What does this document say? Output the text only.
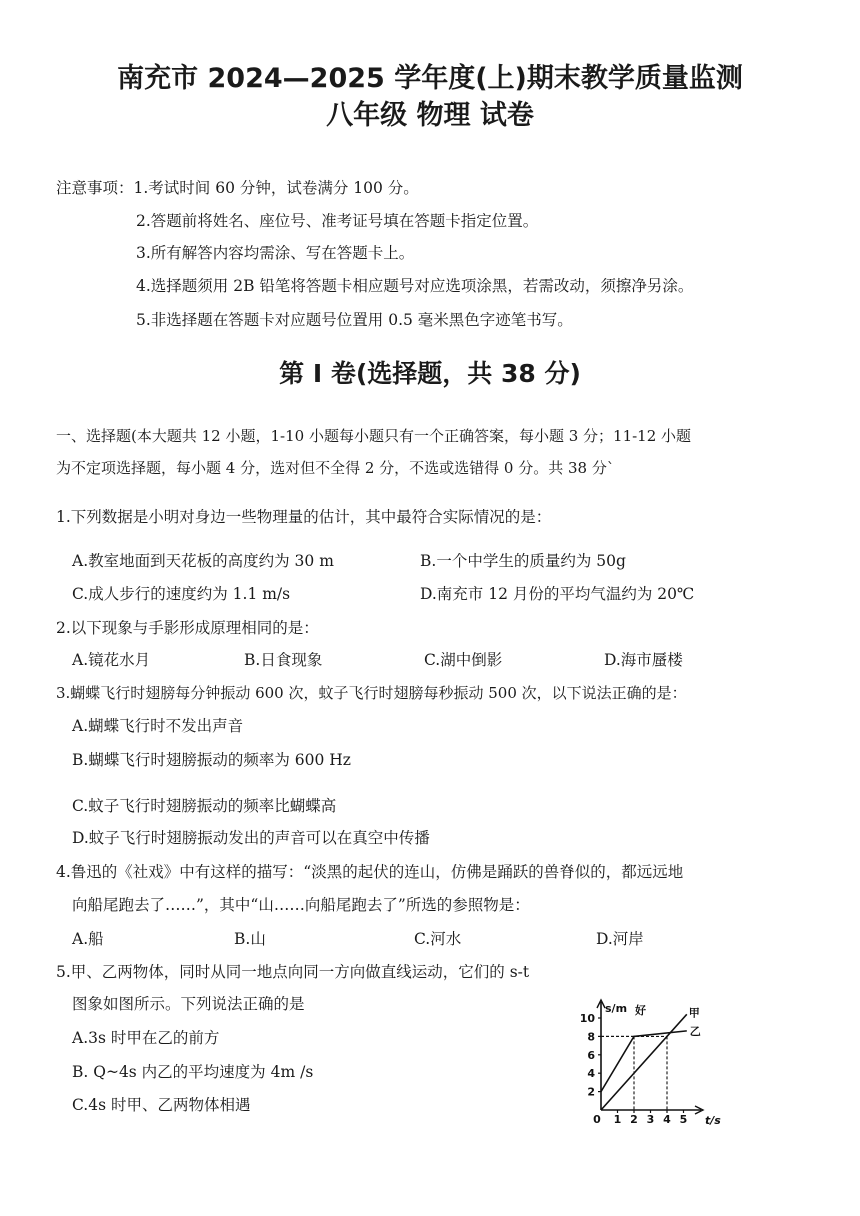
南充市 2024—2025 学年度(上)期末教学质量监测
八年级 物理 试卷
注意事项：1.考试时间 60 分钟，试卷满分 100 分。
2.答题前将姓名、座位号、准考证号填在答题卡指定位置。
3.所有解答内容均需涂、写在答题卡上。
4.选择题须用 2B 铅笔将答题卡相应题号对应选项涂黑，若需改动，须擦净另涂。
5.非选择题在答题卡对应题号位置用 0.5 毫米黑色字迹笔书写。
第 Ⅰ 卷(选择题，共 38 分)
一、选择题(本大题共 12 小题，1-10 小题每小题只有一个正确答案，每小题 3 分；11-12 小题
为不定项选择题，每小题 4 分，选对但不全得 2 分，不选或选错得 0 分。共 38 分`
1.下列数据是小明对身边一些物理量的估计，其中最符合实际情况的是：
A.教室地面到天花板的高度约为 30 m	B.一个中学生的质量约为 50g
C.成人步行的速度约为 1.1 m/s	D.南充市 12 月份的平均气温约为 20℃
2.以下现象与手影形成原理相同的是：
A.镜花水月	B.日食现象	C.湖中倒影	D.海市蜃楼
3.蝴蝶飞行时翅膀每分钟振动 600 次，蚊子飞行时翅膀每秒振动 500 次，以下说法正确的是：
A.蝴蝶飞行时不发出声音
B.蝴蝶飞行时翅膀振动的频率为 600 Hz
C.蚊子飞行时翅膀振动的频率比蝴蝶高
D.蚊子飞行时翅膀振动发出的声音可以在真空中传播
4.鲁迅的《社戏》中有这样的描写：“淡黑的起伏的连山，仿佛是踊跃的兽脊似的，都远远地
向船尾跑去了……”，其中“山……向船尾跑去了”所选的参照物是：
A.船	B.山	C.河水	D.河岸
5.甲、乙两物体，同时从同一地点向同一方向做直线运动，它们的 s-t
图象如图所示。下列说法正确的是
A.3s 时甲在乙的前方
B. Q~4s 内乙的平均速度为 4m /s
C.4s 时甲、乙两物体相遇
s/m
t/s
好
2
4
6
8
10
0 1 2 3 4 5
甲
乙
